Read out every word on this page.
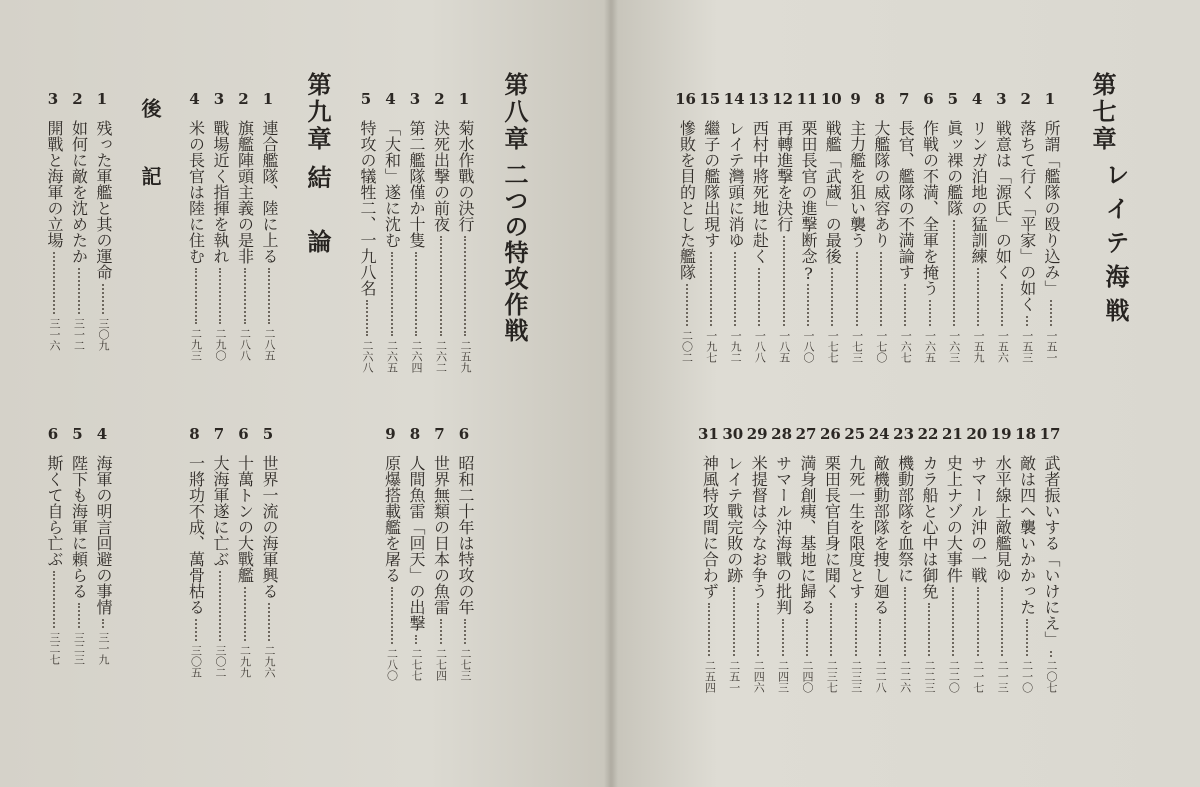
第七章
レイテ海戦
第八章
二つの特攻作戦
第九章
結論
後記	1
所謂「艦隊の殴り込み」
一五一
2
落ちて行く「平家」の如く
一五三
3
戦意は「源氏」の如く
一五六
4
リンガ泊地の猛訓練
一五九
5
眞ッ裸の艦隊
一六三
6
作戦の不満、全軍を掩う
一六五
7
長官、艦隊の不満論す
一六七
8
大艦隊の威容あり
一七〇
9
主力艦を狙い襲う
一七三
10
戦艦「武蔵」の最後
一七七
11
栗田長官の進撃断念?
一八〇
12
再轉進撃を決行
一八五
13
西村中將死地に赴く
一八八
14
レイテ灣頭に消ゆ
一九二
15
繼子の艦隊出現す
一九七
16
慘敗を目的とした艦隊
二〇二
17
武者振いする「いけにえ」
二〇七
18
敵は四へ襲いかかった
二一〇
19
水平線上敵艦見ゆ
二一三
20
サマール沖の一戦
二一七
21
史上ナゾの大事件
二二〇
22
カラ船と心中は御免
二二三
23
機動部隊を血祭に
二二六
24
敵機動部隊を捜し廻る
二二八
25
九死一生を限度とす
二三三
26
栗田長官自身に聞く
二三七
27
満身創痍、基地に歸る
二四〇
28
サマール沖海戰の批判
二四三
29
米提督は今なお争う
二四六
30
レイテ戰完敗の跡
二五一
31
神風特攻間に合わず
二五四
1
菊水作戰の決行
二五九
2
決死出撃の前夜
二六二
3
第二艦隊僅か十隻
二六四
4
「大和」遂に沈む
二六五
5
特攻の犠牲二、一九八名
二六八
6
昭和二十年は特攻の年
二七三
7
世界無類の日本の魚雷
二七四
8
人間魚雷「回天」の出撃
二七七
9
原爆搭載艦を屠る
二八〇
1
連合艦隊、陸に上る
二八五
2
旗艦陣頭主義の是非
二八八
3
戰場近く指揮を執れ
二九〇
4
米の長官は陸に住む
二九三
5
世界一流の海軍興る
二九六
6
十萬トンの大戰艦
二九九
7
大海軍遂に亡ぶ
三〇二
8
一將功不成、萬骨枯る
三〇五
1
残った軍艦と其の運命
三〇九
2
如何に敵を沈めたか
三一二
3
開戰と海軍の立場
三一六
4
海軍の明言回避の事情
三一九
5
陛下も海軍に頼らる
三二三
6
斯くて自ら亡ぶ
三二七
